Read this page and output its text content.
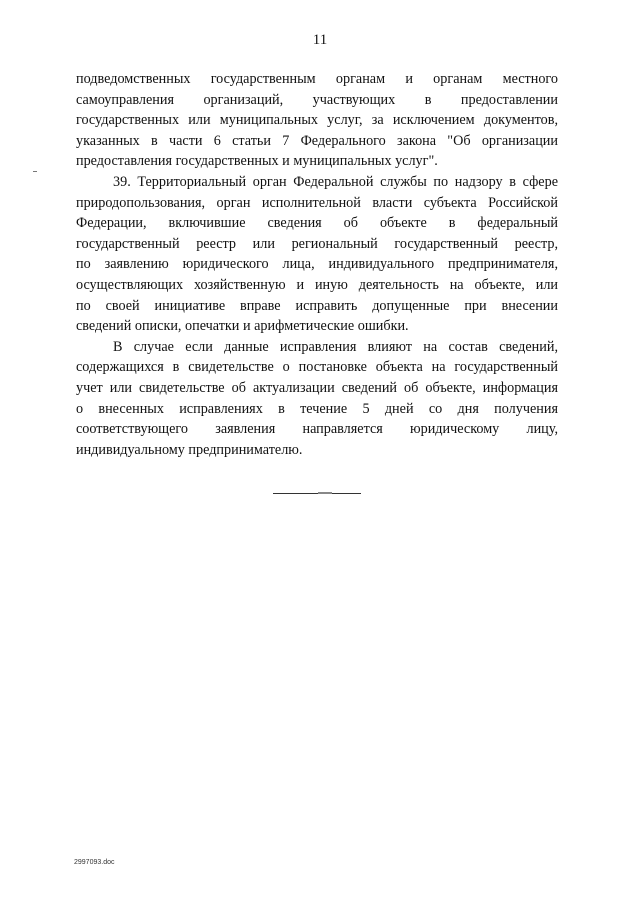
11

подведомственных государственным органам и органам местного
самоуправления организаций, участвующих в предоставлении
государственных или муниципальных услуг, за исключением документов,
указанных в части 6 статьи 7 Федерального закона "Об организации
предоставления государственных и муниципальных услуг".

39. Территориальный орган Федеральной службы по надзору в сфере
природопользования, орган исполнительной власти субъекта Российской
Федерации, включившие сведения об объекте в федеральный
государственный реестр или региональный государственный реестр,
по заявлению юридического лица, индивидуального предпринимателя,
осуществляющих хозяйственную и иную деятельность на объекте, или
по своей инициативе вправе исправить допущенные при внесении
сведений описки, опечатки и арифметические ошибки.

В случае если данные исправления влияют на состав сведений,
содержащихся в свидетельстве о постановке объекта на государственный
учет или свидетельстве об актуализации сведений об объекте, информация
о внесенных исправлениях в течение 5 дней со дня получения
соответствующего заявления направляется юридическому лицу,
индивидуальному предпринимателю.

2997093.doc
